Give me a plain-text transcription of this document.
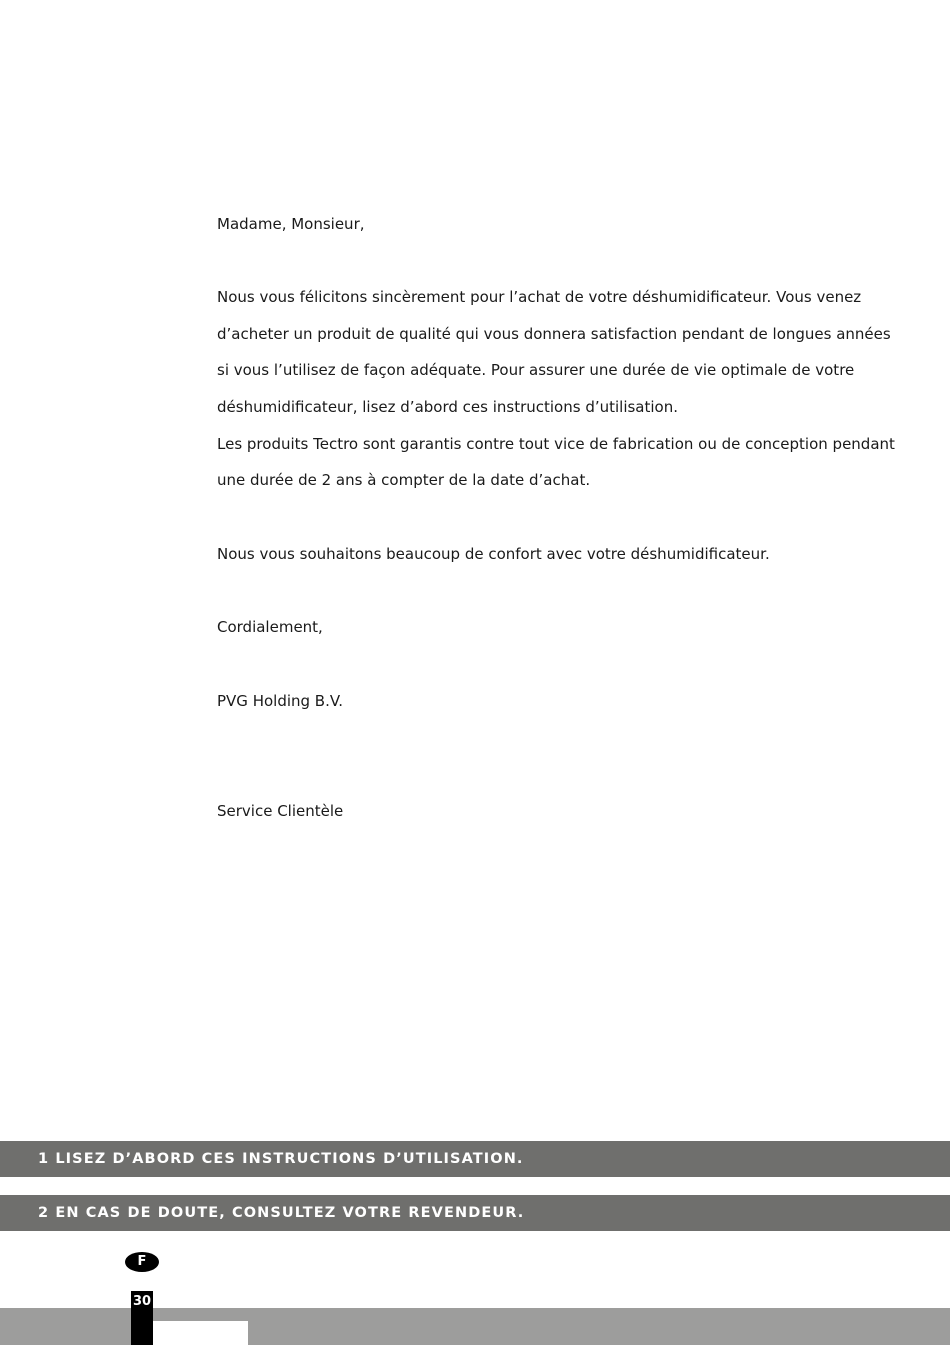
Madame, Monsieur,
Nous vous félicitons sincèrement pour l’achat de votre déshumidificateur. Vous venez
d’acheter un produit de qualité qui vous donnera satisfaction pendant de longues années
si vous l’utilisez de façon adéquate. Pour assurer une durée de vie optimale de votre
déshumidificateur, lisez d’abord ces instructions d’utilisation.
Les produits Tectro sont garantis contre tout vice de fabrication ou de conception pendant
une durée de 2 ans à compter de la date d’achat.
Nous vous souhaitons beaucoup de confort avec votre déshumidificateur.
Cordialement,
PVG Holding B.V.
Service Clientèle
1 LISEZ D’ABORD CES INSTRUCTIONS D’UTILISATION.
2 EN CAS DE DOUTE, CONSULTEZ VOTRE REVENDEUR.
F
30
